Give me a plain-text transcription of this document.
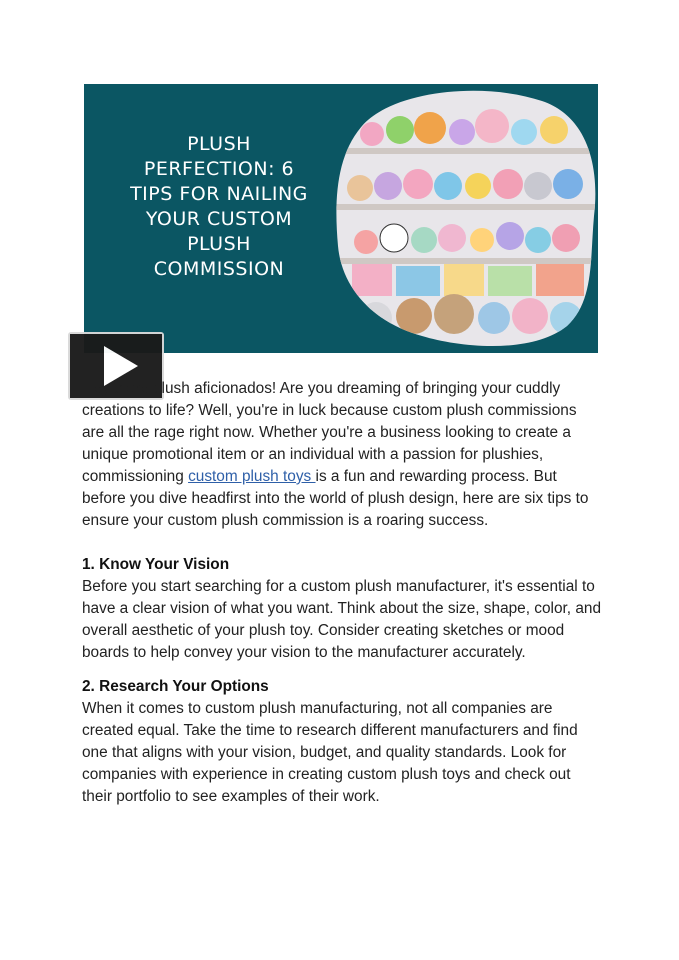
PLUSH PERFECTION: 6 TIPS FOR NAILING YOUR CUSTOM PLUSH COMMISSION

Hey there plush aficionados! Are you dreaming of bringing your cuddly creations to life? Well, you're in luck because custom plush commissions are all the rage right now. Whether you're a business looking to create a unique promotional item or an individual with a passion for plushies, commissioning custom plush toys is a fun and rewarding process. But before you dive headfirst into the world of plush design, here are six tips to ensure your custom plush commission is a roaring success.

1. Know Your Vision

Before you start searching for a custom plush manufacturer, it's essential to have a clear vision of what you want. Think about the size, shape, color, and overall aesthetic of your plush toy. Consider creating sketches or mood boards to help convey your vision to the manufacturer accurately.

2. Research Your Options

When it comes to custom plush manufacturing, not all companies are created equal. Take the time to research different manufacturers and find one that aligns with your vision, budget, and quality standards. Look for companies with experience in creating custom plush toys and check out their portfolio to see examples of their work.
